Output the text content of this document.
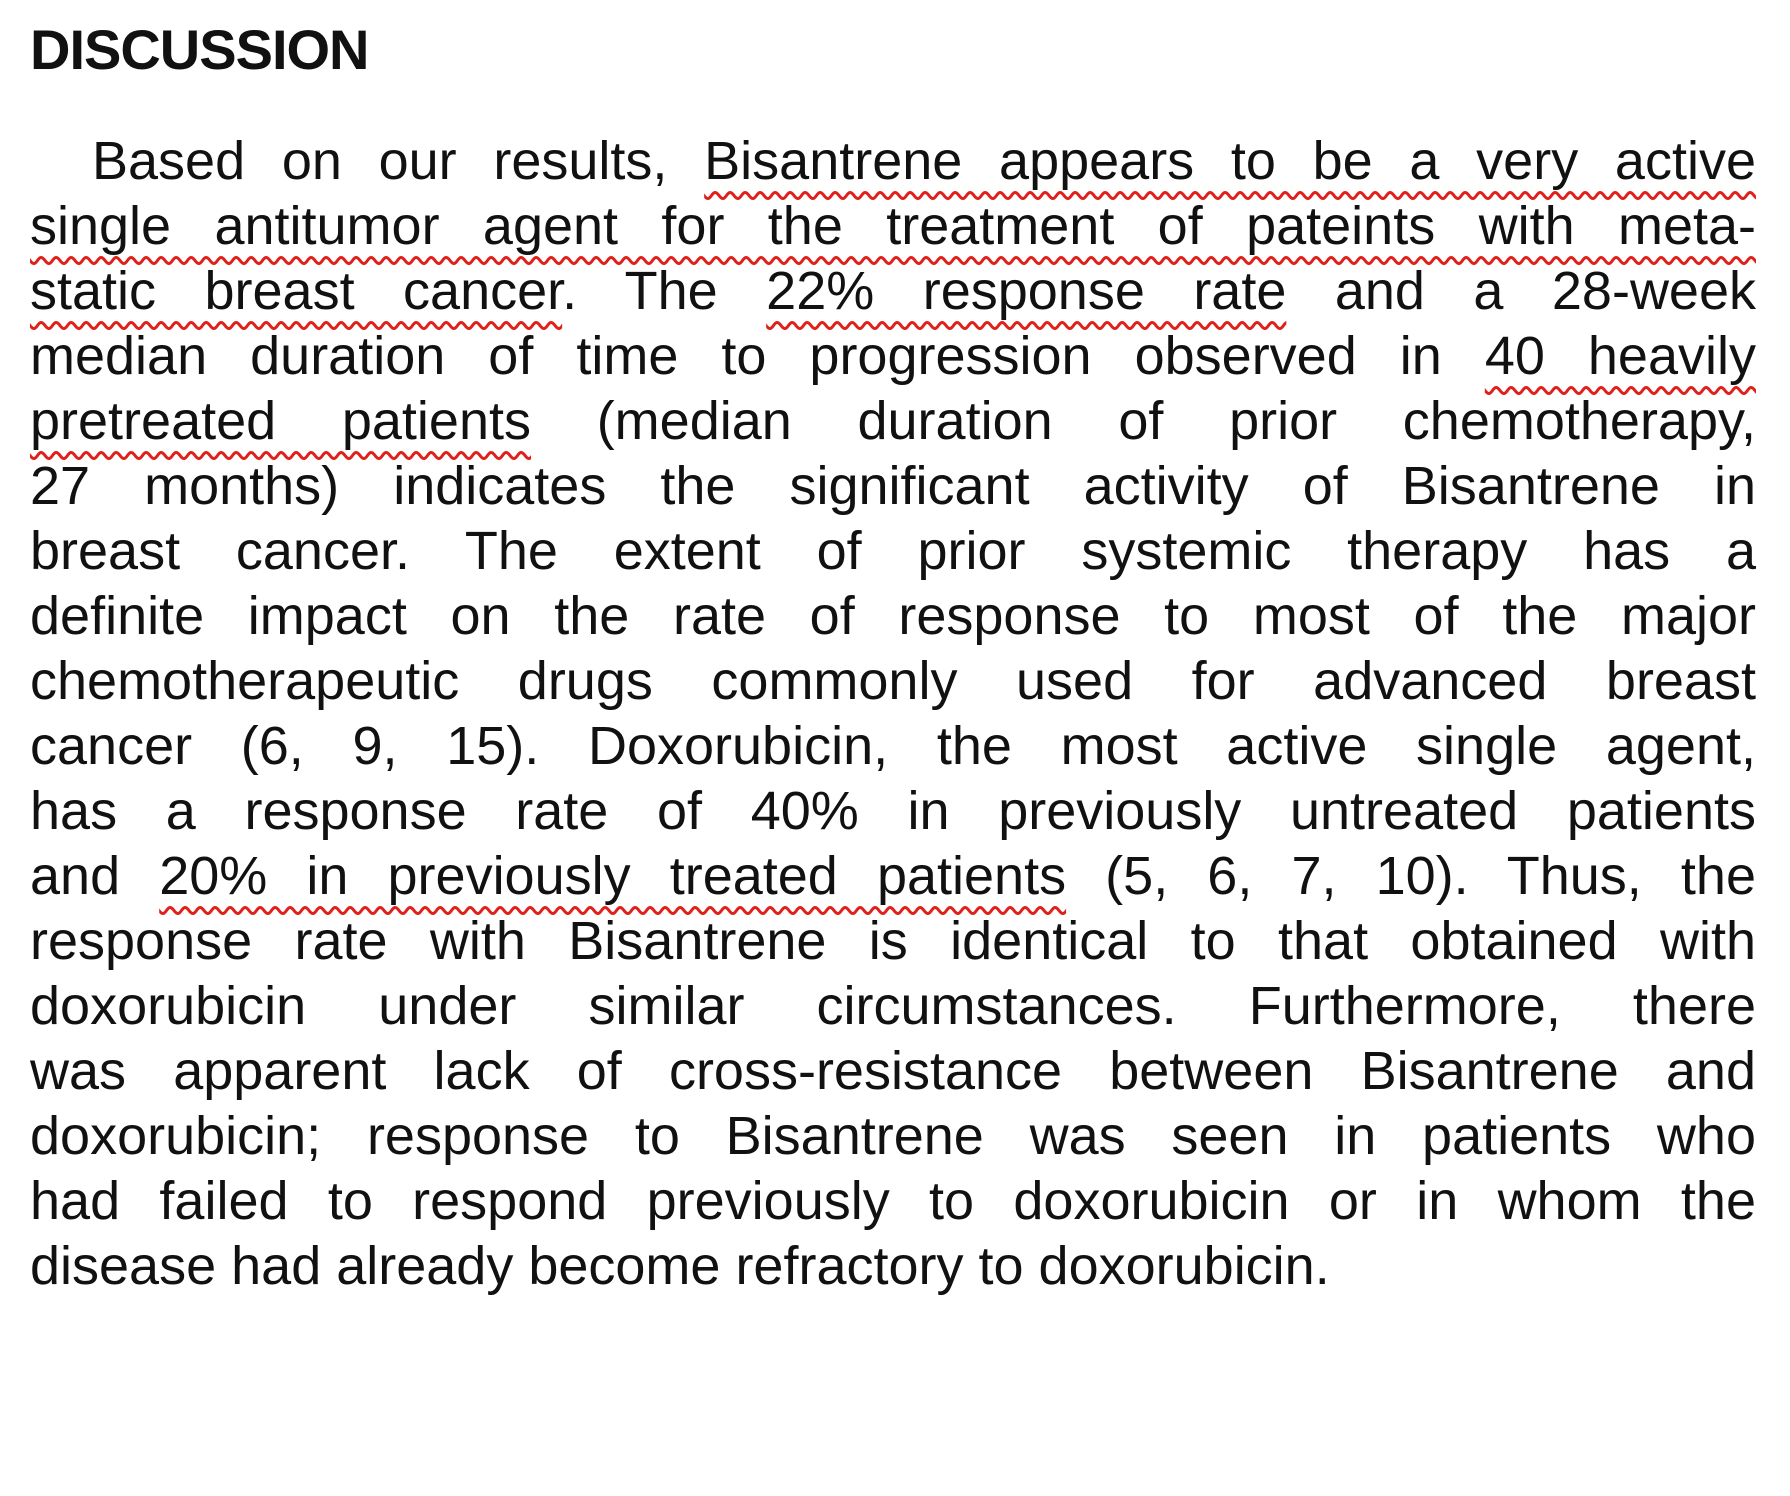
DISCUSSION
Based on our results, Bisantrene appears to be a very active
single antitumor agent for the treatment of pateints with meta-
static breast cancer. The 22% response rate and a 28-week
median duration of time to progression observed in 40 heavily
pretreated patients (median duration of prior chemotherapy,
27 months) indicates the significant activity of Bisantrene in
breast cancer. The extent of prior systemic therapy has a
definite impact on the rate of response to most of the major
chemotherapeutic drugs commonly used for advanced breast
cancer (6, 9, 15). Doxorubicin, the most active single agent,
has a response rate of 40% in previously untreated patients
and 20% in previously treated patients (5, 6, 7, 10). Thus, the
response rate with Bisantrene is identical to that obtained with
doxorubicin under similar circumstances. Furthermore, there
was apparent lack of cross-resistance between Bisantrene and
doxorubicin; response to Bisantrene was seen in patients who
had failed to respond previously to doxorubicin or in whom the
disease had already become refractory to doxorubicin.
